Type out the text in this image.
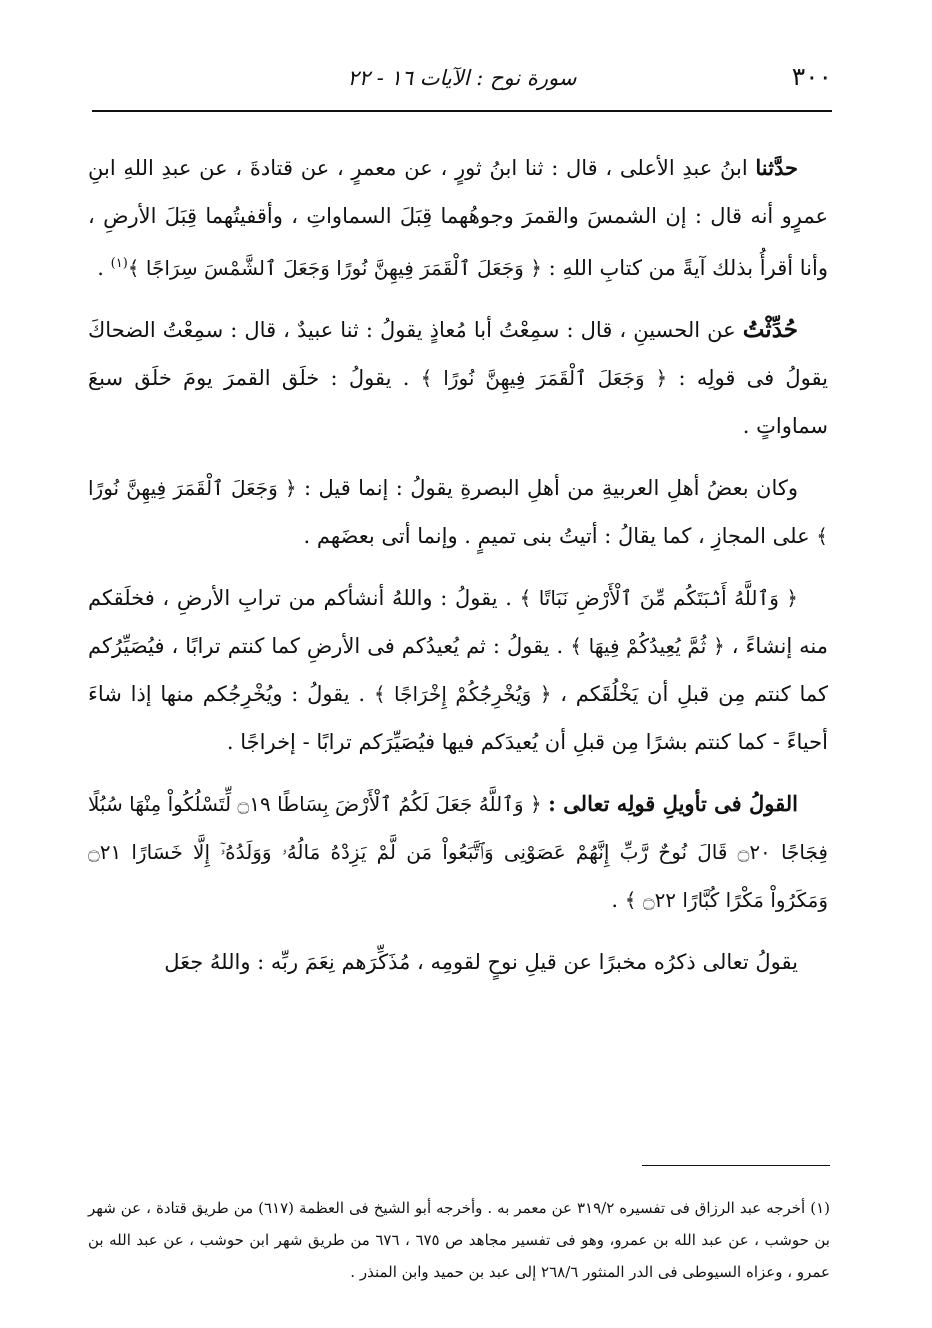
٣٠٠
سورة نوح : الآيات ١٦ - ٢٢

حدَّثنا ابنُ عبدِ الأعلى ، قال : ثنا ابنُ ثورٍ ، عن معمرٍ ، عن قتادةَ ، عن عبدِ اللهِ ابنِ عمرٍو أنه قال : إن الشمسَ والقمرَ وجوهُهما قِبَلَ السماواتِ ، وأقفيتُهما قِبَلَ الأرضِ ، وأنا أقرأُ بذلك آيةً من كتابِ اللهِ : ﴿ وَجَعَلَ ٱلْقَمَرَ فِيهِنَّ نُورًا وَجَعَلَ ٱلشَّمْسَ سِرَاجًا ﴾$^{(١)}$ .

حُدِّثْتُ عن الحسينِ ، قال : سمِعْتُ أبا مُعاذٍ يقولُ : ثنا عبيدٌ ، قال : سمِعْتُ الضحاكَ يقولُ فى قولِه : ﴿ وَجَعَلَ ٱلْقَمَرَ فِيهِنَّ نُورًا ﴾ . يقولُ : خلَق القمرَ يومَ خلَق سبعَ سماواتٍ .

وكان بعضُ أهلِ العربيةِ من أهلِ البصرةِ يقولُ : إنما قيل : ﴿ وَجَعَلَ ٱلْقَمَرَ فِيهِنَّ نُورًا ﴾ على المجازِ ، كما يقالُ : أتيتُ بنى تميمٍ . وإنما أتى بعضَهم .

﴿ وَٱللَّهُ أَنۢبَتَكُم مِّنَ ٱلْأَرْضِ نَبَاتًا ﴾ . يقولُ : واللهُ أنشأكم من ترابِ الأرضِ ، فخلَقكم منه إنشاءً ، ﴿ ثُمَّ يُعِيدُكُمْ فِيهَا ﴾ . يقولُ : ثم يُعيدُكم فى الأرضِ كما كنتم ترابًا ، فيُصَيِّرُكم كما كنتم مِن قبلِ أن يَخْلُقَكم ، ﴿ وَيُخْرِجُكُمْ إِخْرَاجًا ﴾ . يقولُ : ويُخْرِجُكم منها إذا شاءَ أحياءً - كما كنتم بشرًا مِن قبلِ أن يُعيدَكم فيها فيُصَيِّرَكم ترابًا - إخراجًا .

القولُ فى تأويلِ قولِه تعالى : ﴿ وَٱللَّهُ جَعَلَ لَكُمُ ٱلْأَرْضَ بِسَاطًا ۝١٩ لِّتَسْلُكُواْ مِنْهَا سُبُلًا فِجَاجًا ۝٢٠ قَالَ نُوحٌ رَّبِّ إِنَّهُمْ عَصَوْنِى وَٱتَّبَعُواْ مَن لَّمْ يَزِدْهُ مَالُهُۥ وَوَلَدُهُۥٓ إِلَّا خَسَارًا ۝٢١ وَمَكَرُواْ مَكْرًا كُبَّارًا ۝٢٢ ﴾ .

يقولُ تعالى ذكرُه مخبرًا عن قيلِ نوحٍ لقومِه ، مُذَكِّرَهم نِعَمَ ربِّه : واللهُ جعَل

(١) أخرجه عبد الرزاق فى تفسيره ٣١٩/٢ عن معمر به . وأخرجه أبو الشيخ فى العظمة (٦١٧) من طريق قتادة ، عن شهر بن حوشب ، عن عبد الله بن عمرو، وهو فى تفسير مجاهد ص ٦٧٥ ، ٦٧٦ من طريق شهر ابن حوشب ، عن عبد الله بن عمرو ، وعزاه السيوطى فى الدر المنثور ٢٦٨/٦ إلى عبد بن حميد وابن المنذر .
